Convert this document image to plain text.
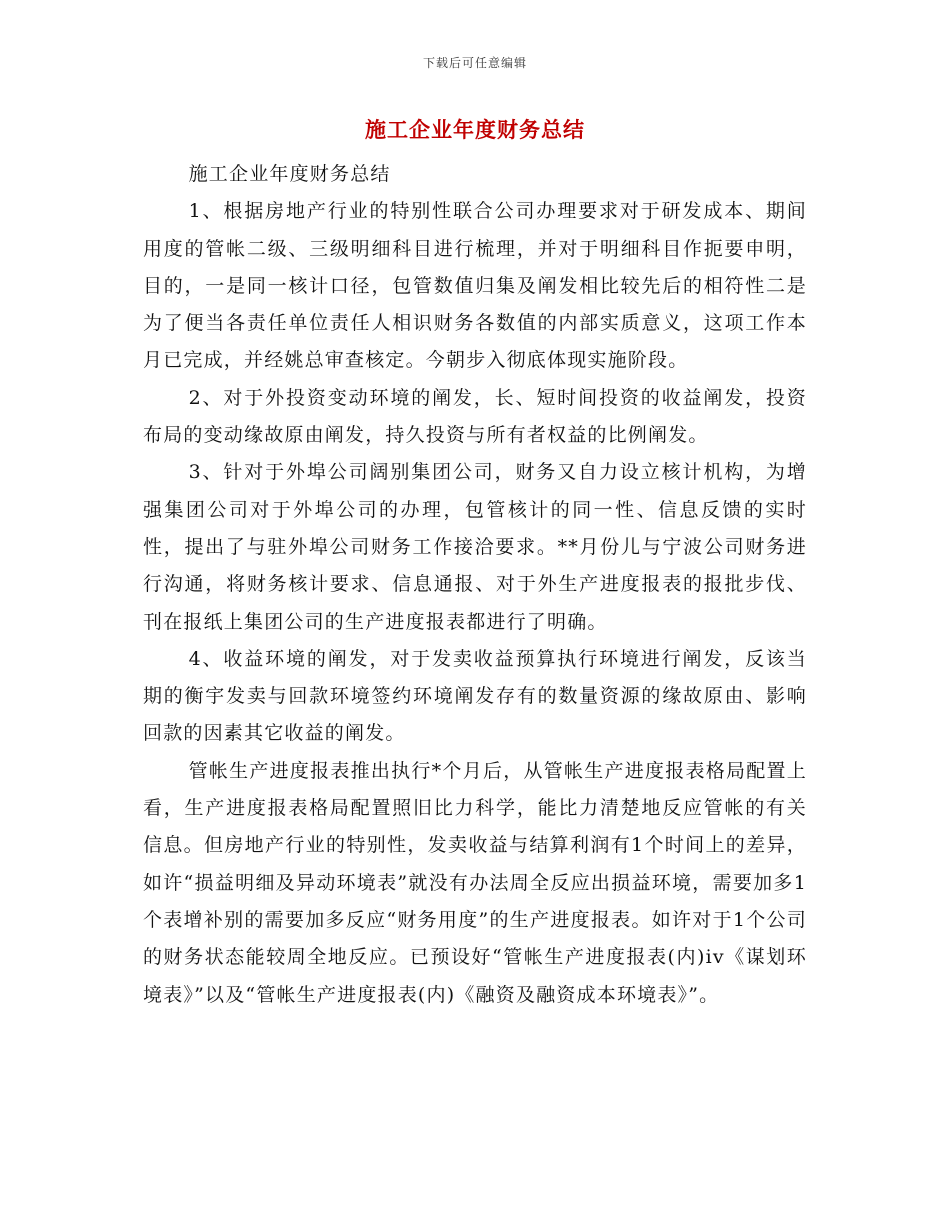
下载后可任意编辑
施工企业年度财务总结

施工企业年度财务总结

1、根据房地产行业的特别性联合公司办理要求对于研发成本、期间用度的管帐二级、三级明细科目进行梳理，并对于明细科目作扼要申明，目的，一是同一核计口径，包管数值归集及阐发相比较先后的相符性二是为了便当各责任单位责任人相识财务各数值的内部实质意义，这项工作本月已完成，并经姚总审查核定。今朝步入彻底体现实施阶段。

2、对于外投资变动环境的阐发，长、短时间投资的收益阐发，投资布局的变动缘故原由阐发，持久投资与所有者权益的比例阐发。

3、针对于外埠公司阔别集团公司，财务又自力设立核计机构，为增强集团公司对于外埠公司的办理，包管核计的同一性、信息反馈的实时性，提出了与驻外埠公司财务工作接洽要求。**月份儿与宁波公司财务进行沟通，将财务核计要求、信息通报、对于外生产进度报表的报批步伐、刊在报纸上集团公司的生产进度报表都进行了明确。

4、收益环境的阐发，对于发卖收益预算执行环境进行阐发，反该当期的衡宇发卖与回款环境签约环境阐发存有的数量资源的缘故原由、影响回款的因素其它收益的阐发。

管帐生产进度报表推出执行*个月后，从管帐生产进度报表格局配置上看，生产进度报表格局配置照旧比力科学，能比力清楚地反应管帐的有关信息。但房地产行业的特别性，发卖收益与结算利润有1个时间上的差异，如许“损益明细及异动环境表”就没有办法周全反应出损益环境，需要加多1个表增补别的需要加多反应“财务用度”的生产进度报表。如许对于1个公司的财务状态能较周全地反应。已预设好“管帐生产进度报表(内)iv《谋划环境表》”以及“管帐生产进度报表(内)《融资及融资成本环境表》”。
